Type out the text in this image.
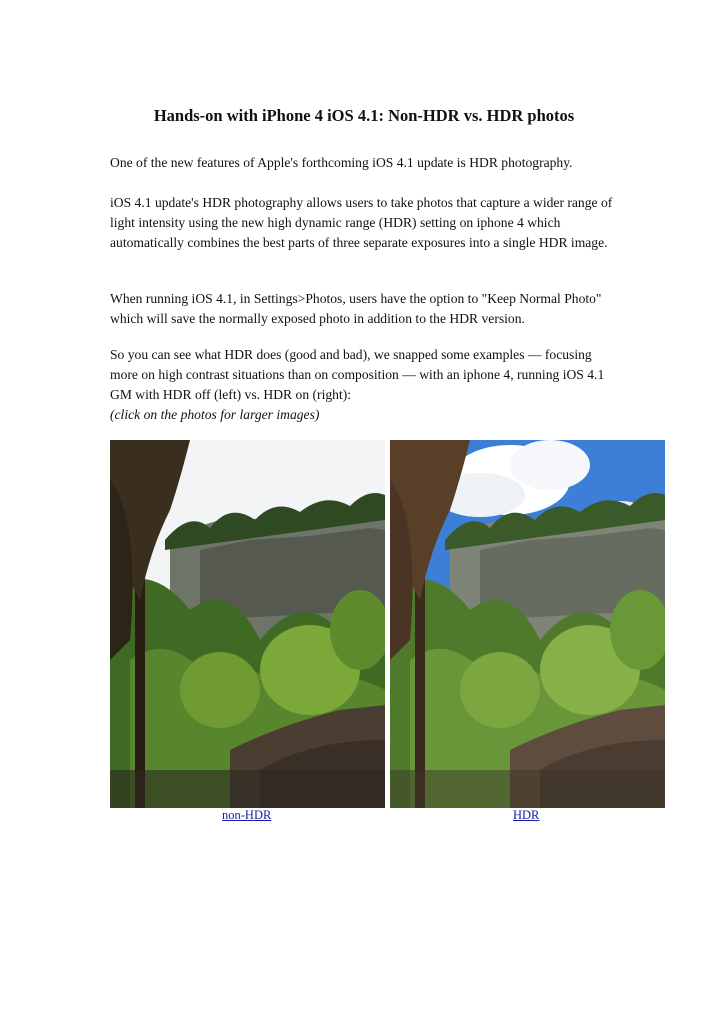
Hands-on with iPhone 4 iOS 4.1: Non-HDR vs. HDR photos

One of the new features of Apple's forthcoming iOS 4.1 update is HDR photography.

iOS 4.1 update's HDR photography allows users to take photos that capture a wider range of light intensity using the new high dynamic range (HDR) setting on iphone 4 which automatically combines the best parts of three separate exposures into a single HDR image.

When running iOS 4.1, in Settings>Photos, users have the option to "Keep Normal Photo" which will save the normally exposed photo in addition to the HDR version.

So you can see what HDR does (good and bad), we snapped some examples — focusing more on high contrast situations than on composition — with an iphone 4, running iOS 4.1 GM with HDR off (left) vs. HDR on (right):

(click on the photos for larger images)

non-HDR	HDR
